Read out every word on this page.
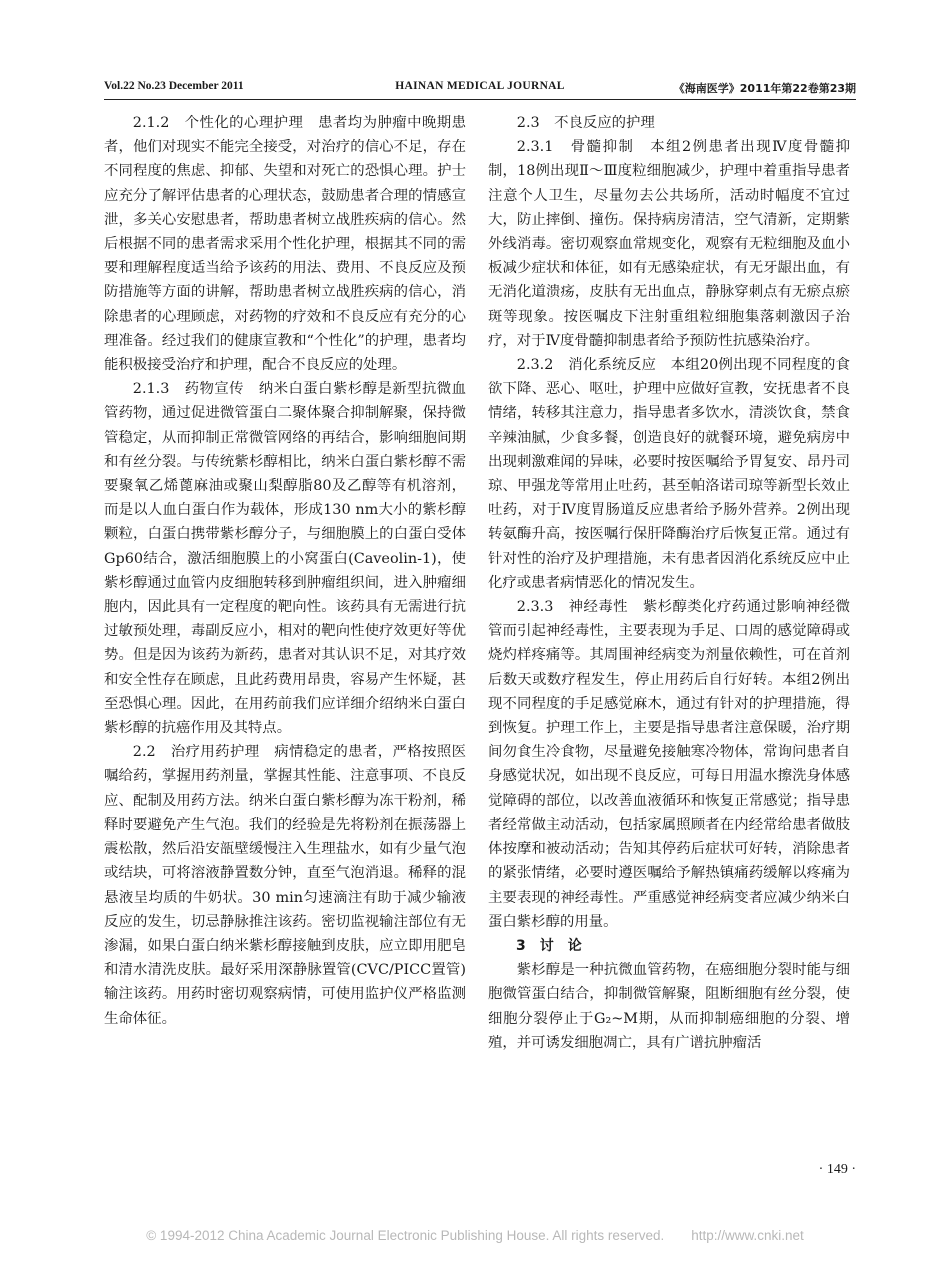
Vol.22 No.23 December 2011	HAINAN MEDICAL JOURNAL	《海南医学》2011年第22卷第23期

2.1.2　个性化的心理护理　患者均为肿瘤中晚期患者，他们对现实不能完全接受，对治疗的信心不足，存在不同程度的焦虑、抑郁、失望和对死亡的恐惧心理。护士应充分了解评估患者的心理状态，鼓励患者合理的情感宣泄，多关心安慰患者，帮助患者树立战胜疾病的信心。然后根据不同的患者需求采用个性化护理，根据其不同的需要和理解程度适当给予该药的用法、费用、不良反应及预防措施等方面的讲解，帮助患者树立战胜疾病的信心，消除患者的心理顾虑，对药物的疗效和不良反应有充分的心理准备。经过我们的健康宣教和“个性化”的护理，患者均能积极接受治疗和护理，配合不良反应的处理。

2.1.3　药物宣传　纳米白蛋白紫杉醇是新型抗微血管药物，通过促进微管蛋白二聚体聚合抑制解聚，保持微管稳定，从而抑制正常微管网络的再结合，影响细胞间期和有丝分裂。与传统紫杉醇相比，纳米白蛋白紫杉醇不需要聚氧乙烯蓖麻油或聚山梨醇脂80及乙醇等有机溶剂，而是以人血白蛋白作为载体，形成130 nm大小的紫杉醇颗粒，白蛋白携带紫杉醇分子，与细胞膜上的白蛋白受体Gp60结合，激活细胞膜上的小窝蛋白(Caveolin-1)，使紫杉醇通过血管内皮细胞转移到肿瘤组织间，进入肿瘤细胞内，因此具有一定程度的靶向性。该药具有无需进行抗过敏预处理，毒副反应小，相对的靶向性使疗效更好等优势。但是因为该药为新药，患者对其认识不足，对其疗效和安全性存在顾虑，且此药费用昂贵，容易产生怀疑，甚至恐惧心理。因此，在用药前我们应详细介绍纳米白蛋白紫杉醇的抗癌作用及其特点。

2.2　治疗用药护理　病情稳定的患者，严格按照医嘱给药，掌握用药剂量，掌握其性能、注意事项、不良反应、配制及用药方法。纳米白蛋白紫杉醇为冻干粉剂，稀释时要避免产生气泡。我们的经验是先将粉剂在振荡器上震松散，然后沿安瓿壁缓慢注入生理盐水，如有少量气泡或结块，可将溶液静置数分钟，直至气泡消退。稀释的混悬液呈均质的牛奶状。30 min匀速滴注有助于减少输液反应的发生，切忌静脉推注该药。密切监视输注部位有无渗漏，如果白蛋白纳米紫杉醇接触到皮肤，应立即用肥皂和清水清洗皮肤。最好采用深静脉置管(CVC/PICC置管)输注该药。用药时密切观察病情，可使用监护仪严格监测生命体征。

2.3　不良反应的护理

2.3.1　骨髓抑制　本组2例患者出现Ⅳ度骨髓抑制，18例出现Ⅱ～Ⅲ度粒细胞减少，护理中着重指导患者注意个人卫生，尽量勿去公共场所，活动时幅度不宜过大，防止摔倒、撞伤。保持病房清洁，空气清新，定期紫外线消毒。密切观察血常规变化，观察有无粒细胞及血小板减少症状和体征，如有无感染症状，有无牙龈出血，有无消化道溃疡，皮肤有无出血点，静脉穿刺点有无瘀点瘀斑等现象。按医嘱皮下注射重组粒细胞集落刺激因子治疗，对于Ⅳ度骨髓抑制患者给予预防性抗感染治疗。

2.3.2　消化系统反应　本组20例出现不同程度的食欲下降、恶心、呕吐，护理中应做好宣教，安抚患者不良情绪，转移其注意力，指导患者多饮水，清淡饮食，禁食辛辣油腻，少食多餐，创造良好的就餐环境，避免病房中出现刺激难闻的异味，必要时按医嘱给予胃复安、昂丹司琼、甲强龙等常用止吐药，甚至帕洛诺司琼等新型长效止吐药，对于Ⅳ度胃肠道反应患者给予肠外营养。2例出现转氨酶升高，按医嘱行保肝降酶治疗后恢复正常。通过有针对性的治疗及护理措施，未有患者因消化系统反应中止化疗或患者病情恶化的情况发生。

2.3.3　神经毒性　紫杉醇类化疗药通过影响神经微管而引起神经毒性，主要表现为手足、口周的感觉障碍或烧灼样疼痛等。其周围神经病变为剂量依赖性，可在首剂后数天或数疗程发生，停止用药后自行好转。本组2例出现不同程度的手足感觉麻木，通过有针对的护理措施，得到恢复。护理工作上，主要是指导患者注意保暖，治疗期间勿食生冷食物，尽量避免接触寒冷物体，常询问患者自身感觉状况，如出现不良反应，可每日用温水擦洗身体感觉障碍的部位，以改善血液循环和恢复正常感觉；指导患者经常做主动活动，包括家属照顾者在内经常给患者做肢体按摩和被动活动；告知其停药后症状可好转，消除患者的紧张情绪，必要时遵医嘱给予解热镇痛药缓解以疼痛为主要表现的神经毒性。严重感觉神经病变者应减少纳米白蛋白紫杉醇的用量。

3　讨　论

紫杉醇是一种抗微血管药物，在癌细胞分裂时能与细胞微管蛋白结合，抑制微管解聚，阻断细胞有丝分裂，使细胞分裂停止于G₂~M期，从而抑制癌细胞的分裂、增殖，并可诱发细胞凋亡，具有广谱抗肿瘤活

· 149 ·
© 1994-2012 China Academic Journal Electronic Publishing House. All rights reserved.　　http://www.cnki.net
